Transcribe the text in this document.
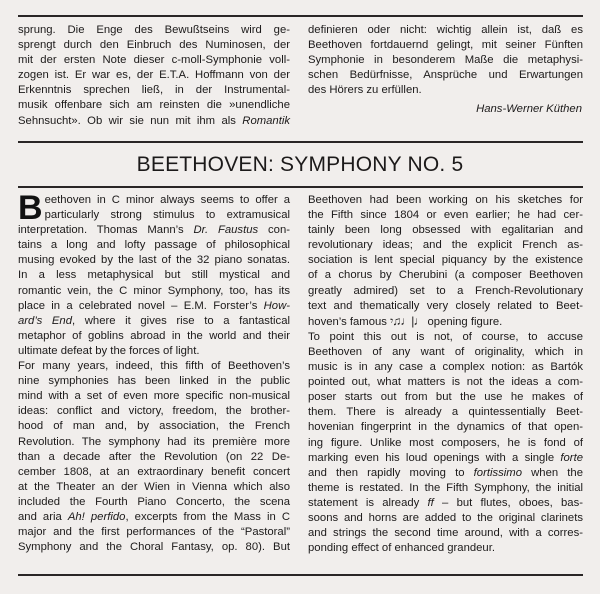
sprung. Die Enge des Bewußtseins wird ge-
sprengt durch den Einbruch des Numinosen, der
mit der ersten Note dieser c-moll-Symphonie voll-
zogen ist. Er war es, der E.T.A. Hoffmann von der
Erkenntnis sprechen ließ, in der Instrumental-
musik offenbare sich am reinsten die »unendliche
Sehnsucht». Ob wir sie nun mit ihm als Romantik
definieren oder nicht: wichtig allein ist, daß es
Beethoven fortdauernd gelingt, mit seiner Fünften
Symphonie in besonderem Maße die metaphysi-
schen Bedürfnisse, Ansprüche und Erwartungen
des Hörers zu erfüllen.
Hans-Werner Küthen
BEETHOVEN: SYMPHONY NO. 5
B eethoven in C minor always seems to offer a
particularly strong stimulus to extramusical
interpretation. Thomas Mann’s Dr. Faustus con-
tains a long and lofty passage of philosophical
musing evoked by the last of the 32 piano sonatas.
In a less metaphysical but still mystical and
romantic vein, the C minor Symphony, too, has its
place in a celebrated novel – E.M. Forster’s How-
ard’s End, where it gives rise to a fantastical
metaphor of goblins abroad in the world and their
ultimate defeat by the forces of light.
For many years, indeed, this fifth of Beethoven’s
nine symphonies has been linked in the public
mind with a set of even more specific non-musical
ideas: conflict and victory, freedom, the brother-
hood of man and, by association, the French
Revolution. The symphony had its première more
than a decade after the Revolution (on 22 De-
cember 1808, at an extraordinary benefit concert
at the Theater an der Wien in Vienna which also
included the Fourth Piano Concerto, the scena
and aria Ah! perfido, excerpts from the Mass in C
major and the first performances of the “Pastoral”
Symphony and the Choral Fantasy, op. 80). But
Beethoven had been working on his sketches for
the Fifth since 1804 or even earlier; he had cer-
tainly been long obsessed with egalitarian and
revolutionary ideas; and the explicit French as-
sociation is lent special piquancy by the existence
of a chorus by Cherubini (a composer Beethoven
greatly admired) set to a French-Revolutionary
text and thematically very closely related to Beet-
hoven’s famous 𝄾♫♩|♩ opening figure.
To point this out is not, of course, to accuse
Beethoven of any want of originality, which in
music is in any case a complex notion: as Bartók
pointed out, what matters is not the ideas a com-
poser starts out from but the use he makes of
them. There is already a quintessentially Beet-
hovenian fingerprint in the dynamics of that open-
ing figure. Unlike most composers, he is fond of
marking even his loud openings with a single forte
and then rapidly moving to fortissimo when the
theme is restated. In the Fifth Symphony, the initial
statement is already ff – but flutes, oboes, bas-
soons and horns are added to the original clarinets
and strings the second time around, with a corres-
ponding effect of enhanced grandeur.
